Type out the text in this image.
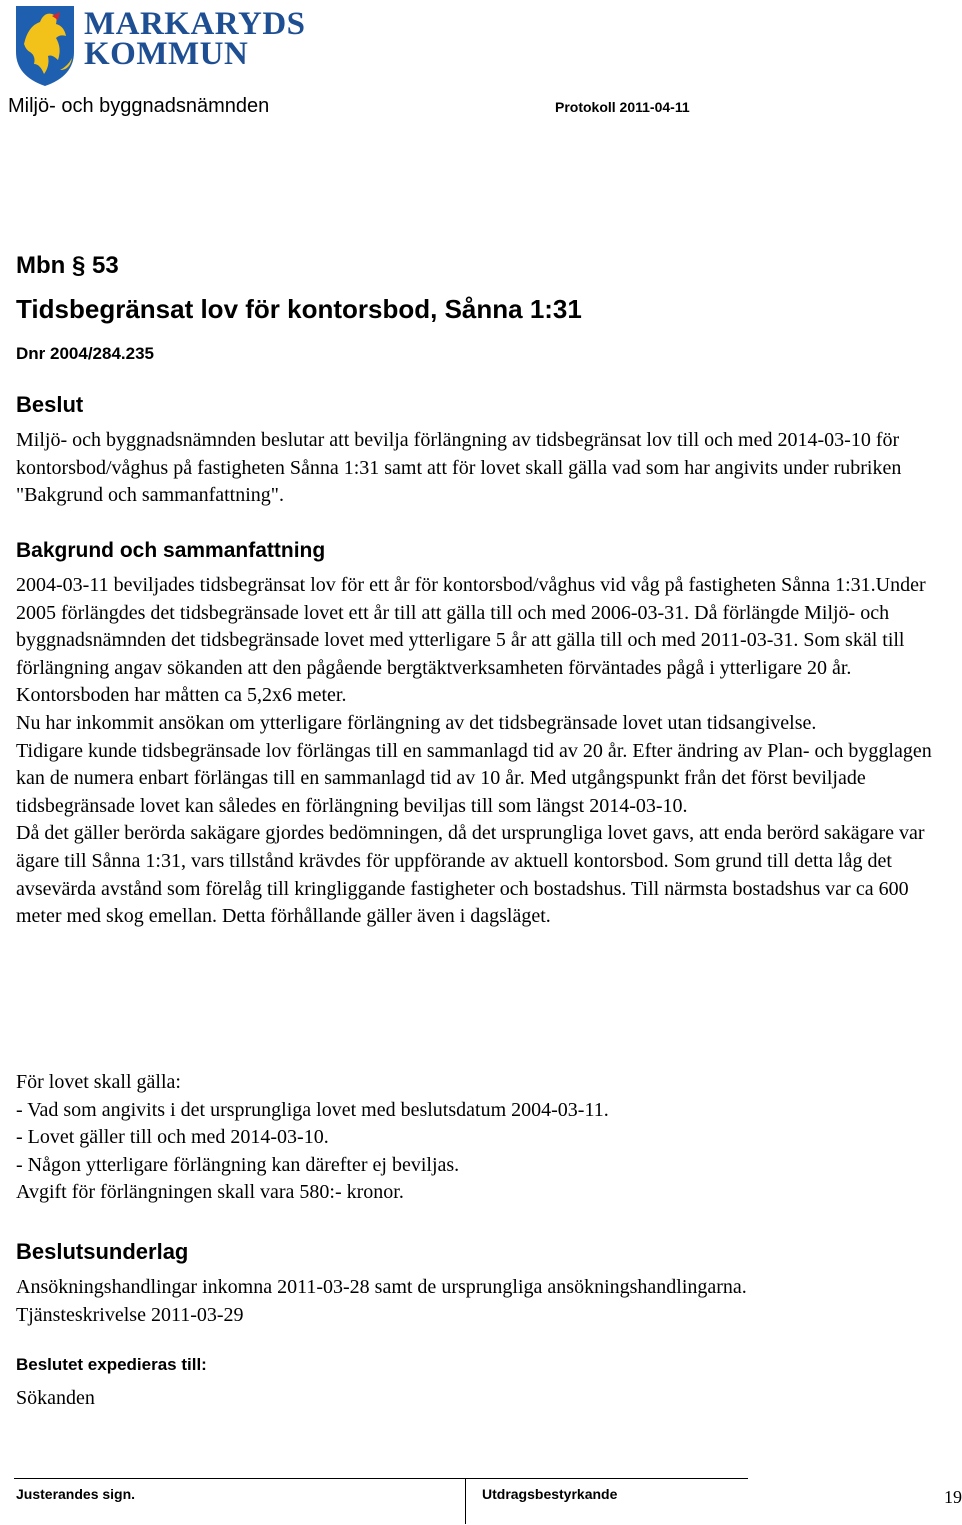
MARKARYDS
KOMMUN
Miljö- och byggnadsnämnden	Protokoll 2011-04-11
Mbn § 53
Tidsbegränsat lov för kontorsbod, Sånna 1:31
Dnr 2004/284.235
Beslut

Miljö- och byggnadsnämnden beslutar att bevilja förlängning av tidsbegränsat lov till och med 2014-03-10 för kontorsbod/våghus på fastigheten Sånna 1:31 samt att för lovet skall gälla vad som har angivits under rubriken "Bakgrund och sammanfattning".

Bakgrund och sammanfattning

2004-03-11 beviljades tidsbegränsat lov för ett år för kontorsbod/våghus vid våg på fastigheten Sånna 1:31.Under 2005 förlängdes det tidsbegränsade lovet ett år till att gälla till och med 2006-03-31. Då förlängde Miljö- och byggnadsnämnden det tidsbegränsade lovet med ytterligare 5 år att gälla till och med 2011-03-31. Som skäl till förlängning angav sökanden att den pågående bergtäktverksamheten förväntades pågå i ytterligare 20 år.

Kontorsboden har måtten ca 5,2x6 meter.

Nu har inkommit ansökan om ytterligare förlängning av det tidsbegränsade lovet utan tidsangivelse.

Tidigare kunde tidsbegränsade lov förlängas till en sammanlagd tid av 20 år. Efter ändring av Plan- och bygglagen kan de numera enbart förlängas till en sammanlagd tid av 10 år. Med utgångspunkt från det först beviljade tidsbegränsade lovet kan således en förlängning beviljas till som längst 2014-03-10.

Då det gäller berörda sakägare gjordes bedömningen, då det ursprungliga lovet gavs, att enda berörd sakägare var ägare till Sånna 1:31, vars tillstånd krävdes för uppförande av aktuell kontorsbod. Som grund till detta låg det avsevärda avstånd som förelåg till kringliggande fastigheter och bostadshus. Till närmsta bostadshus var ca 600 meter med skog emellan. Detta förhållande gäller även i dagsläget.

För lovet skall gälla:

- Vad som angivits i det ursprungliga lovet med beslutsdatum 2004-03-11.

- Lovet gäller till och med 2014-03-10.

- Någon ytterligare förlängning kan därefter ej beviljas.

Avgift för förlängningen skall vara 580:- kronor.

Beslutsunderlag

Ansökningshandlingar inkomna 2011-03-28 samt de ursprungliga ansökningshandlingarna.

Tjänsteskrivelse 2011-03-29

Beslutet expedieras till:

Sökanden

Justerandes sign.	Utdragsbestyrkande	19
